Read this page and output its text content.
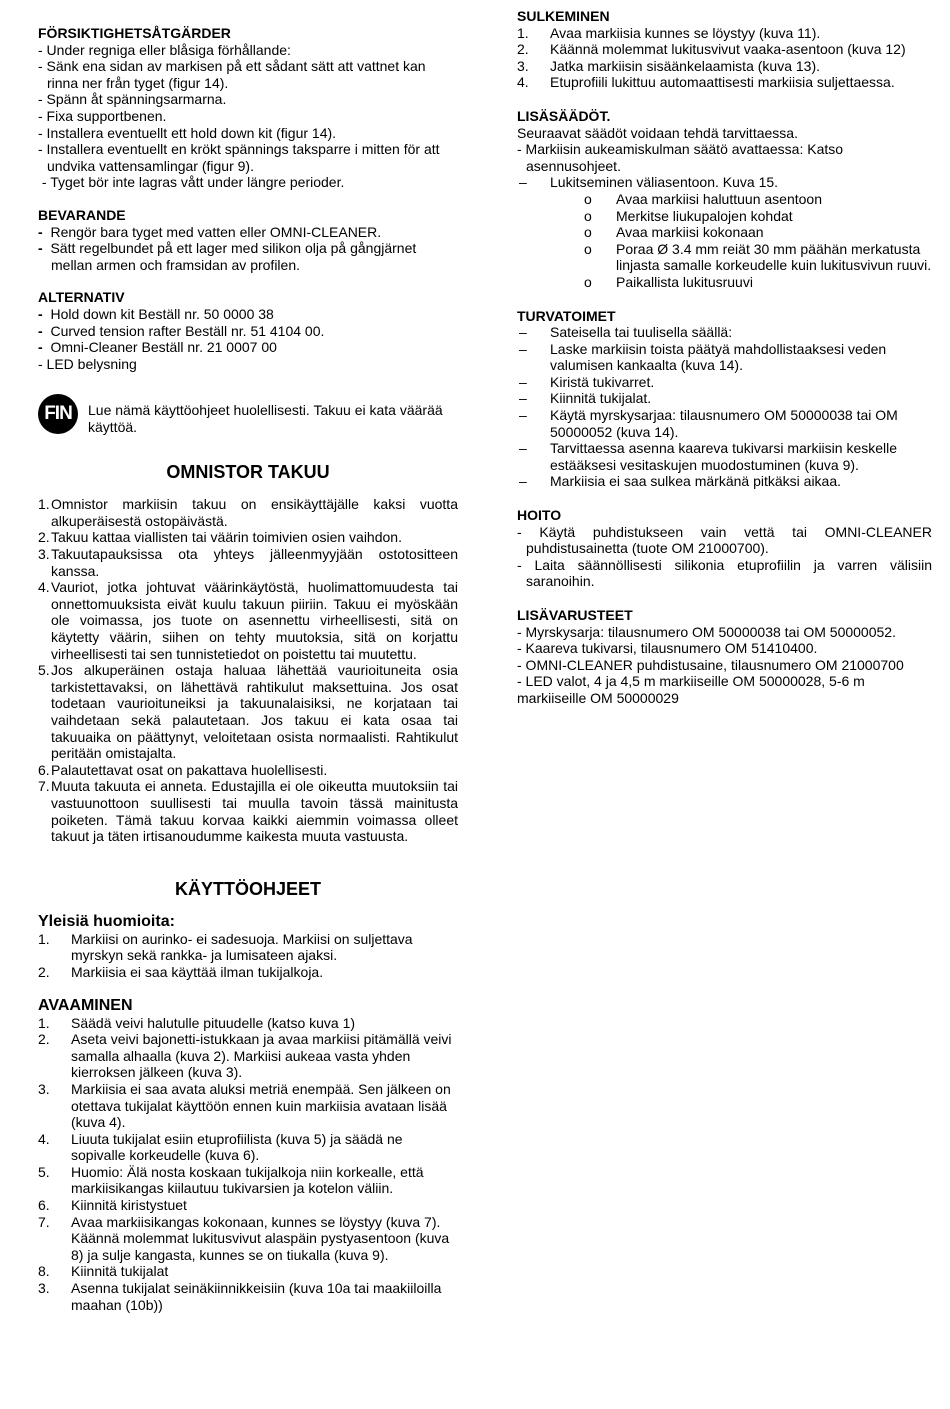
FÖRSIKTIGHETSÅTGÄRDER

- Under regniga eller blåsiga förhållande:

- Sänk ena sidan av markisen på ett sådant sätt att vattnet kan rinna ner från tyget (figur 14).

- Spänn åt spänningsarmarna.

- Fixa supportbenen.

- Installera eventuellt ett hold down kit (figur 14).

- Installera eventuellt en krökt spännings taksparre i mitten för att undvika vattensamlingar (figur 9).

- Tyget bör inte lagras vått under längre perioder.

BEVARANDE

- Rengör bara tyget med vatten eller OMNI-CLEANER.
- Sätt regelbundet på ett lager med silikon olja på gångjärnet mellan armen och framsidan av profilen.

ALTERNATIV

- Hold down kit Beställ nr. 50 0000 38
- Curved tension rafter Beställ nr. 51 4104 00.
- Omni-Cleaner Beställ nr. 21 0007 00

- LED belysning

FIN	Lue nämä käyttöohjeet huolellisesti. Takuu ei kata väärää käyttöä.

OMNISTOR TAKUU

1. Omnistor markiisin takuu on ensikäyttäjälle kaksi vuotta alkuperäisestä ostopäivästä.
2. Takuu kattaa viallisten tai väärin toimivien osien vaihdon.
3. Takuutapauksissa ota yhteys jälleenmyyjään ostotositteen kanssa.
4. Vauriot, jotka johtuvat väärinkäytöstä, huolimattomuudesta tai onnettomuuksista eivät kuulu takuun piiriin. Takuu ei myöskään ole voimassa, jos tuote on asennettu virheellisesti, sitä on käytetty väärin, siihen on tehty muutoksia, sitä on korjattu virheellisesti tai sen tunnistetiedot on poistettu tai muutettu.
5. Jos alkuperäinen ostaja haluaa lähettää vaurioituneita osia tarkistettavaksi, on lähettävä rahtikulut maksettuina. Jos osat todetaan vaurioituneiksi ja takuunalaisiksi, ne korjataan tai vaihdetaan sekä palautetaan. Jos takuu ei kata osaa tai takuuaika on päättynyt, veloitetaan osista normaalisti. Rahtikulut peritään omistajalta.
6. Palautettavat osat on pakattava huolellisesti.
7. Muuta takuuta ei anneta. Edustajilla ei ole oikeutta muutoksiin tai vastuunottoon suullisesti tai muulla tavoin tässä mainitusta poiketen. Tämä takuu korvaa kaikki aiemmin voimassa olleet takuut ja täten irtisanoudumme kaikesta muuta vastuusta.

KÄYTTÖOHJEET

Yleisiä huomioita:

1.	Markiisi on aurinko- ei sadesuoja. Markiisi on suljettava myrskyn sekä rankka- ja lumisateen ajaksi.
2.	Markiisia ei saa käyttää ilman tukijalkoja.

AVAAMINEN

1.	Säädä veivi halutulle pituudelle (katso kuva 1)
2.	Aseta veivi bajonetti-istukkaan ja avaa markiisi pitämällä veivi samalla alhaalla (kuva 2). Markiisi aukeaa vasta yhden kierroksen jälkeen (kuva 3).
3.	Markiisia ei saa avata aluksi metriä enempää. Sen jälkeen on otettava tukijalat käyttöön ennen kuin markiisia avataan lisää (kuva 4).
4.	Liuuta tukijalat esiin etuprofiilista (kuva 5) ja säädä ne sopivalle korkeudelle (kuva 6).
5.	Huomio: Älä nosta koskaan tukijalkoja niin korkealle, että markiisikangas kiilautuu tukivarsien ja kotelon väliin.
6.	Kiinnitä kiristystuet
7.	Avaa markiisikangas kokonaan, kunnes se löystyy (kuva 7). Käännä molemmat lukitusvivut alaspäin pystyasentoon (kuva 8) ja sulje kangasta, kunnes se on tiukalla (kuva 9).
8.	Kiinnitä tukijalat
3.	Asenna tukijalat seinäkiinnikkeisiin (kuva 10a tai maakiiloilla maahan (10b))

SULKEMINEN

1.	Avaa markiisia kunnes se löystyy (kuva 11).
2.	Käännä molemmat lukitusvivut vaaka-asentoon (kuva 12)
3.	Jatka markiisin sisäänkelaamista (kuva 13).
4.	Etuprofiili lukittuu automaattisesti markiisia suljettaessa.

LISÄSÄÄDÖT.

Seuraavat säädöt voidaan tehdä tarvittaessa.

- Markiisin aukeamiskulman säätö avattaessa: Katso asennusohjeet.

–	Lukitseminen väliasentoon. Kuva 15.
o	Avaa markiisi haluttuun asentoon
o	Merkitse liukupalojen kohdat
o	Avaa markiisi kokonaan
o	Poraa Ø 3.4 mm reiät 30 mm päähän merkatusta linjasta samalle korkeudelle kuin lukitusvivun ruuvi.
o	Paikallista lukitusruuvi

TURVATOIMET

–	Sateisella tai tuulisella säällä:
–	Laske markiisin toista päätyä mahdollistaaksesi veden valumisen kankaalta (kuva 14).
–	Kiristä tukivarret.
–	Kiinnitä tukijalat.
–	Käytä myrskysarjaa: tilausnumero OM 50000038 tai OM 50000052 (kuva 14).
–	Tarvittaessa asenna kaareva tukivarsi markiisin keskelle estääksesi vesitaskujen muodostuminen (kuva 9).
–	Markiisia ei saa sulkea märkänä pitkäksi aikaa.

HOITO

- Käytä puhdistukseen vain vettä tai OMNI-CLEANER puhdistusainetta (tuote OM 21000700).

- Laita säännöllisesti silikonia etuprofiilin ja varren välisiin saranoihin.

LISÄVARUSTEET

- Myrskysarja: tilausnumero OM 50000038 tai OM 50000052.

- Kaareva tukivarsi, tilausnumero OM 51410400.

- OMNI-CLEANER puhdistusaine, tilausnumero OM 21000700

- LED valot, 4 ja 4,5 m markiiseille OM 50000028, 5-6 m markiiseille OM 50000029
